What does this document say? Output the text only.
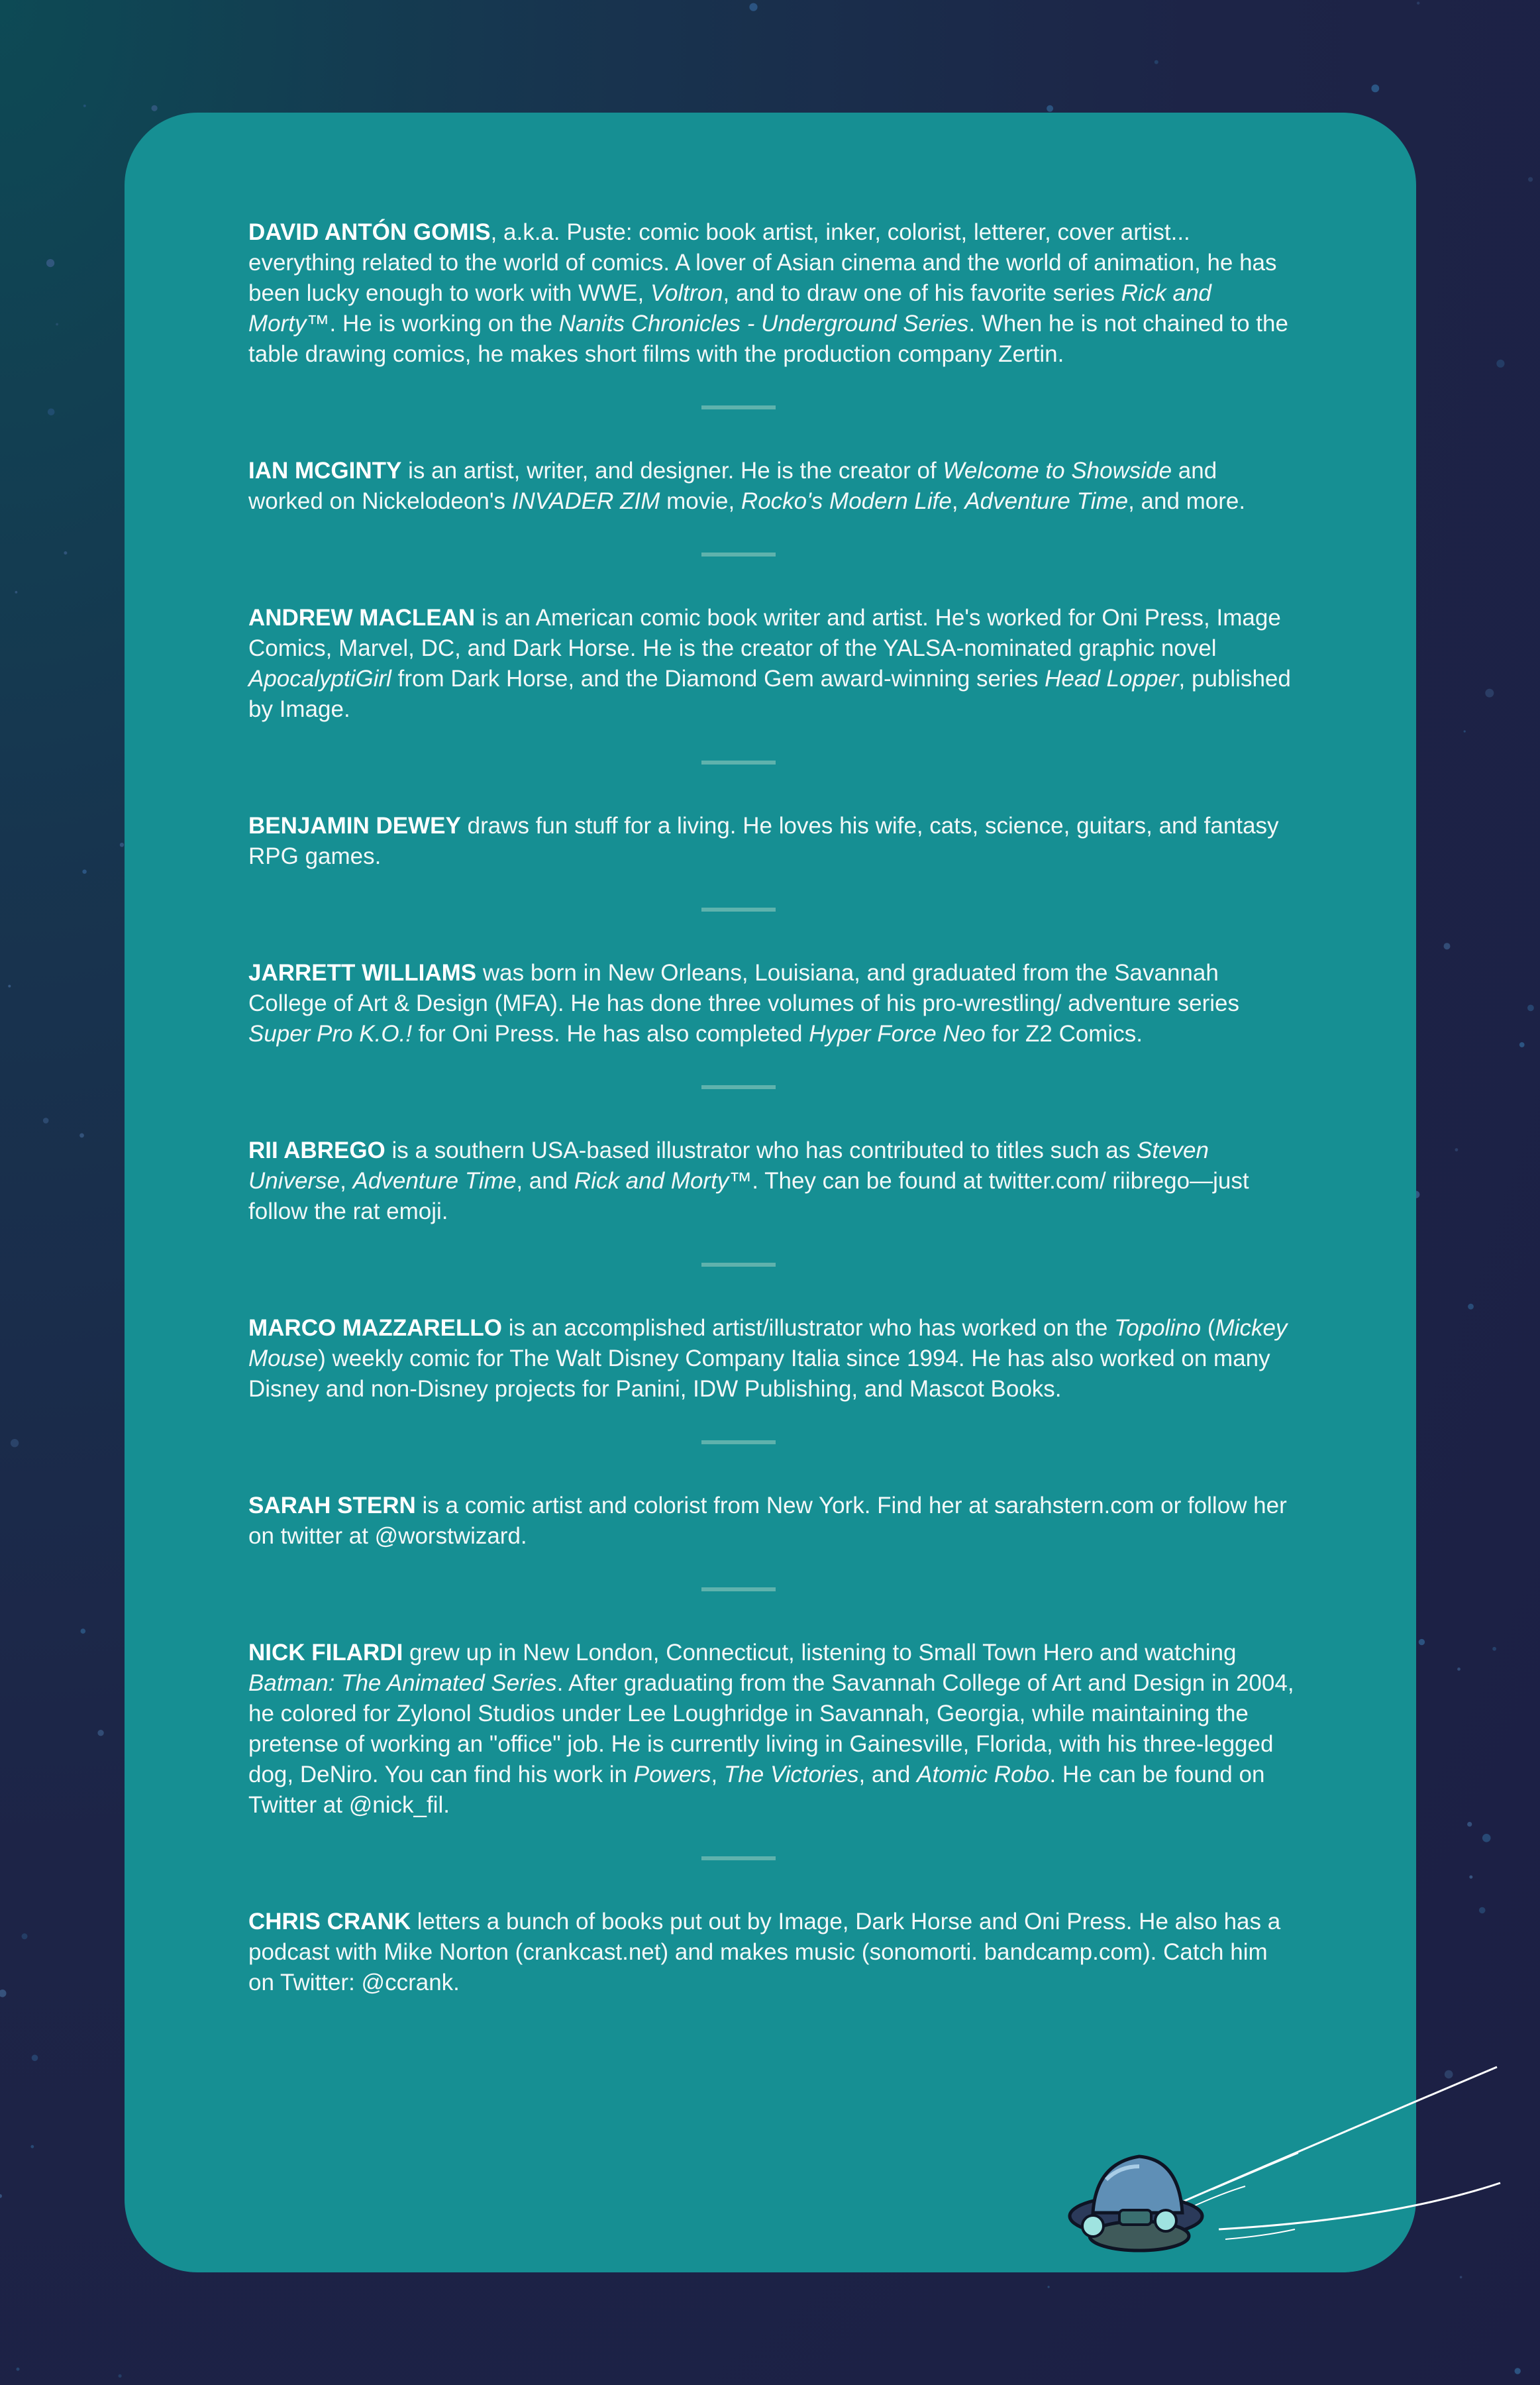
DAVID ANTÓN GOMIS, a.k.a. Puste: comic book artist, inker, colorist, letterer, cover artist... everything related to the world of comics. A lover of Asian cinema and the world of animation, he has been lucky enough to work with WWE, Voltron, and to draw one of his favorite series Rick and Morty™. He is working on the Nanits Chronicles - Underground Series. When he is not chained to the table drawing comics, he makes short films with the production company Zertin.

IAN MCGINTY is an artist, writer, and designer. He is the creator of Welcome to Showside and worked on Nickelodeon's INVADER ZIM movie, Rocko's Modern Life, Adventure Time, and more.

ANDREW MACLEAN is an American comic book writer and artist. He's worked for Oni Press, Image Comics, Marvel, DC, and Dark Horse. He is the creator of the YALSA-nominated graphic novel ApocalyptiGirl from Dark Horse, and the Diamond Gem award-winning series Head Lopper, published by Image.

BENJAMIN DEWEY draws fun stuff for a living. He loves his wife, cats, science, guitars, and fantasy RPG games.

JARRETT WILLIAMS was born in New Orleans, Louisiana, and graduated from the Savannah College of Art & Design (MFA). He has done three volumes of his pro-wrestling/ adventure series Super Pro K.O.! for Oni Press. He has also completed Hyper Force Neo for Z2 Comics.

RII ABREGO is a southern USA-based illustrator who has contributed to titles such as Steven Universe, Adventure Time, and Rick and Morty™. They can be found at twitter.com/ riibrego—just follow the rat emoji.

MARCO MAZZARELLO is an accomplished artist/illustrator who has worked on the Topolino (Mickey Mouse) weekly comic for The Walt Disney Company Italia since 1994. He has also worked on many Disney and non-Disney projects for Panini, IDW Publishing, and Mascot Books.

SARAH STERN is a comic artist and colorist from New York. Find her at sarahstern.com or follow her on twitter at @worstwizard.

NICK FILARDI grew up in New London, Connecticut, listening to Small Town Hero and watching Batman: The Animated Series. After graduating from the Savannah College of Art and Design in 2004, he colored for Zylonol Studios under Lee Loughridge in Savannah, Georgia, while maintaining the pretense of working an "office" job. He is currently living in Gainesville, Florida, with his three-legged dog, DeNiro. You can find his work in Powers, The Victories, and Atomic Robo. He can be found on Twitter at @nick_fil.

CHRIS CRANK letters a bunch of books put out by Image, Dark Horse and Oni Press. He also has a podcast with Mike Norton (crankcast.net) and makes music (sonomorti. bandcamp.com). Catch him on Twitter: @ccrank.
